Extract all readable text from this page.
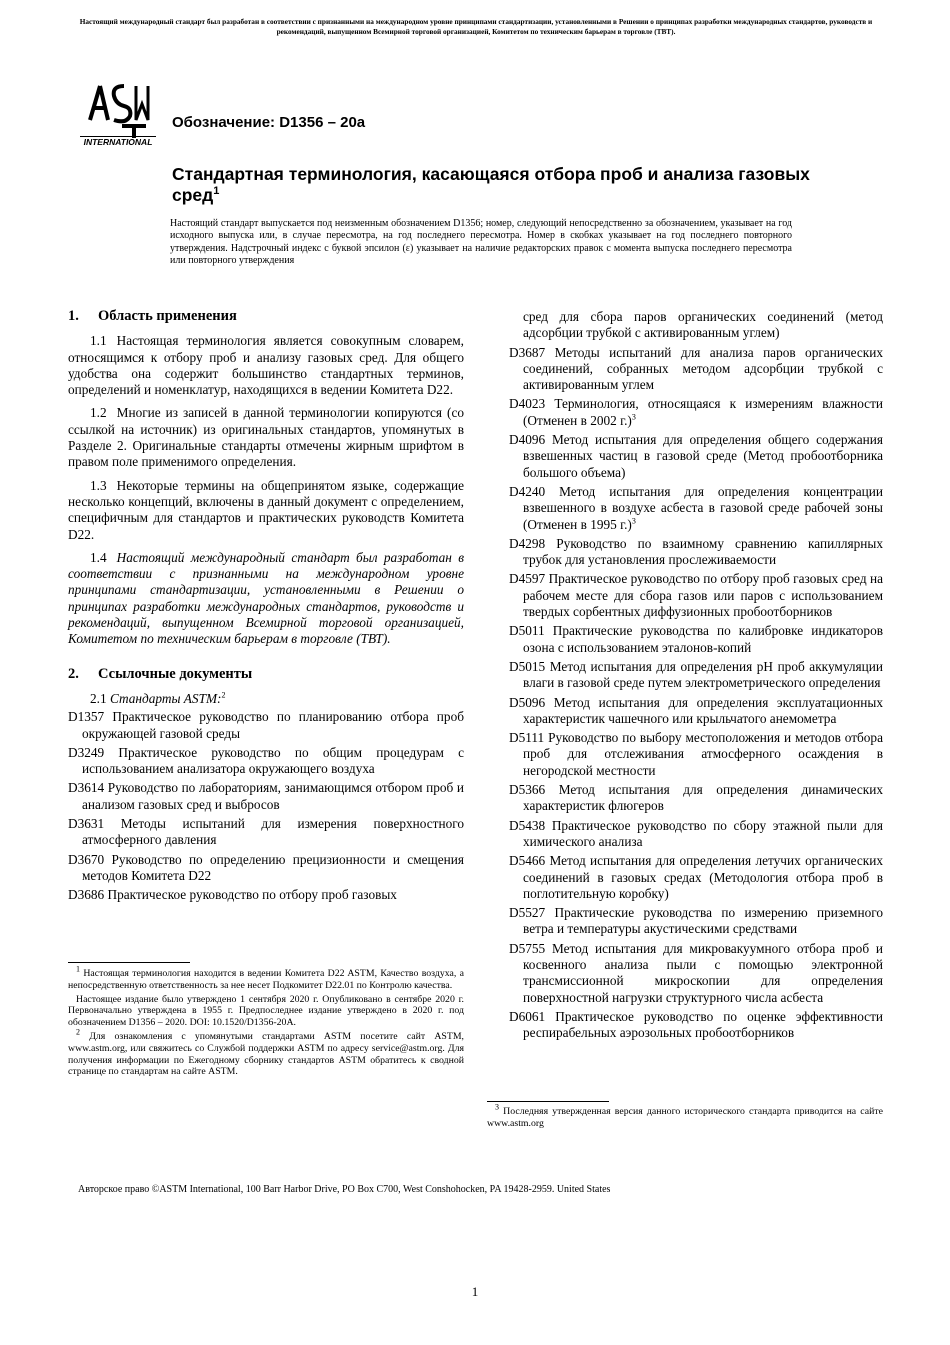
Настоящий международный стандарт был разработан в соответствии с признанными на международном уровне принципами стандартизации, установленными в Решении о принципах разработки международных стандартов, руководств и рекомендаций, выпущенном Всемирной торговой организацией, Комитетом по техническим барьерам в торговле (ТВТ).
INTERNATIONAL
Обозначение: D1356 – 20a
Стандартная терминология, касающаяся отбора проб и анализа газовых сред$^1$
Настоящий стандарт выпускается под неизменным обозначением D1356; номер, следующий непосредственно за обозначением, указывает на год исходного выпуска или, в случае пересмотра, на год последнего пересмотра. Номер в скобках указывает на год последнего повторного утверждения. Надстрочный индекс с буквой эпсилон (ε) указывает на наличие редакторских правок с момента выпуска последнего пересмотра или повторного утверждения
1. Область применения

1.1 Настоящая терминология является совокупным словарем, относящимся к отбору проб и анализу газовых сред. Для общего удобства она содержит большинство стандартных терминов, определений и номенклатур, находящихся в ведении Комитета D22.

1.2 Многие из записей в данной терминологии копируются (со ссылкой на источник) из оригинальных стандартов, упомянутых в Разделе 2. Оригинальные стандарты отмечены жирным шрифтом в правом поле применимого определения.

1.3 Некоторые термины на общепринятом языке, содержащие несколько концепций, включены в данный документ с определением, специфичным для стандартов и практических руководств Комитета D22.

1.4 Настоящий международный стандарт был разработан в соответствии с признанными на международном уровне принципами стандартизации, установленными в Решении о принципах разработки международных стандартов, руководств и рекомендаций, выпущенном Всемирной торговой организацией, Комитетом по техническим барьерам в торговле (ТВТ).

2. Ссылочные документы
2.1 Стандарты ASTM:$^2$
D1357 Практическое руководство по планированию отбора проб окружающей газовой среды
D3249 Практическое руководство по общим процедурам с использованием анализатора окружающего воздуха
D3614 Руководство по лабораториям, занимающимся отбором проб и анализом газовых сред и выбросов
D3631 Методы испытаний для измерения поверхностного атмосферного давления
D3670 Руководство по определению прецизионности и смещения методов Комитета D22
D3686 Практическое руководство по отбору проб газовых
сред для сбора паров органических соединений (метод адсорбции трубкой с активированным углем)
D3687 Методы испытаний для анализа паров органических соединений, собранных методом адсорбции трубкой с активированным углем
D4023 Терминология, относящаяся к измерениям влажности (Отменен в 2002 г.)$^3$
D4096 Метод испытания для определения общего содержания взвешенных частиц в газовой среде (Метод пробоотборника большого объема)
D4240 Метод испытания для определения концентрации взвешенного в воздухе асбеста в газовой среде рабочей зоны (Отменен в 1995 г.)$^3$
D4298 Руководство по взаимному сравнению капиллярных трубок для установления прослеживаемости
D4597 Практическое руководство по отбору проб газовых сред на рабочем месте для сбора газов или паров с использованием твердых сорбентных диффузионных пробоотборников
D5011 Практические руководства по калибровке индикаторов озона с использованием эталонов-копий
D5015 Метод испытания для определения pH проб аккумуляции влаги в газовой среде путем электрометрического определения
D5096 Метод испытания для определения эксплуатационных характеристик чашечного или крыльчатого анемометра
D5111 Руководство по выбору местоположения и методов отбора проб для отслеживания атмосферного осаждения в негородской местности
D5366 Метод испытания для определения динамических характеристик флюгеров
D5438 Практическое руководство по сбору этажной пыли для химического анализа
D5466 Метод испытания для определения летучих органических соединений в газовых средах (Методология отбора проб в поглотительную коробку)
D5527 Практические руководства по измерению приземного ветра и температуры акустическими средствами
D5755 Метод испытания для микровакуумного отбора проб и косвенного анализа пыли с помощью электронной трансмиссионной микроскопии для определения поверхностной нагрузки структурного числа асбеста
D6061 Практическое руководство по оценке эффективности респирабельных аэрозольных пробоотборников

$^1$ Настоящая терминология находится в ведении Комитета D22 ASTM, Качество воздуха, а непосредственную ответственность за нее несет Подкомитет D22.01 по Контролю качества.

Настоящее издание было утверждено 1 сентября 2020 г. Опубликовано в сентябре 2020 г. Первоначально утверждена в 1955 г. Предпоследнее издание утверждено в 2020 г. под обозначением D1356 – 2020. DOI: 10.1520/D1356-20A.

$^2$ Для ознакомления с упомянутыми стандартами ASTM посетите сайт ASTM, www.astm.org, или свяжитесь со Службой поддержки ASTM по адресу service@astm.org. Для получения информации по Ежегодному сборнику стандартов ASTM обратитесь к сводной странице по стандартам на сайте ASTM.

$^3$ Последняя утвержденная версия данного исторического стандарта приводится на сайте www.astm.org

Авторское право ©ASTM International, 100 Barr Harbor Drive, PO Box C700, West Conshohocken, PA 19428-2959. United States
1
